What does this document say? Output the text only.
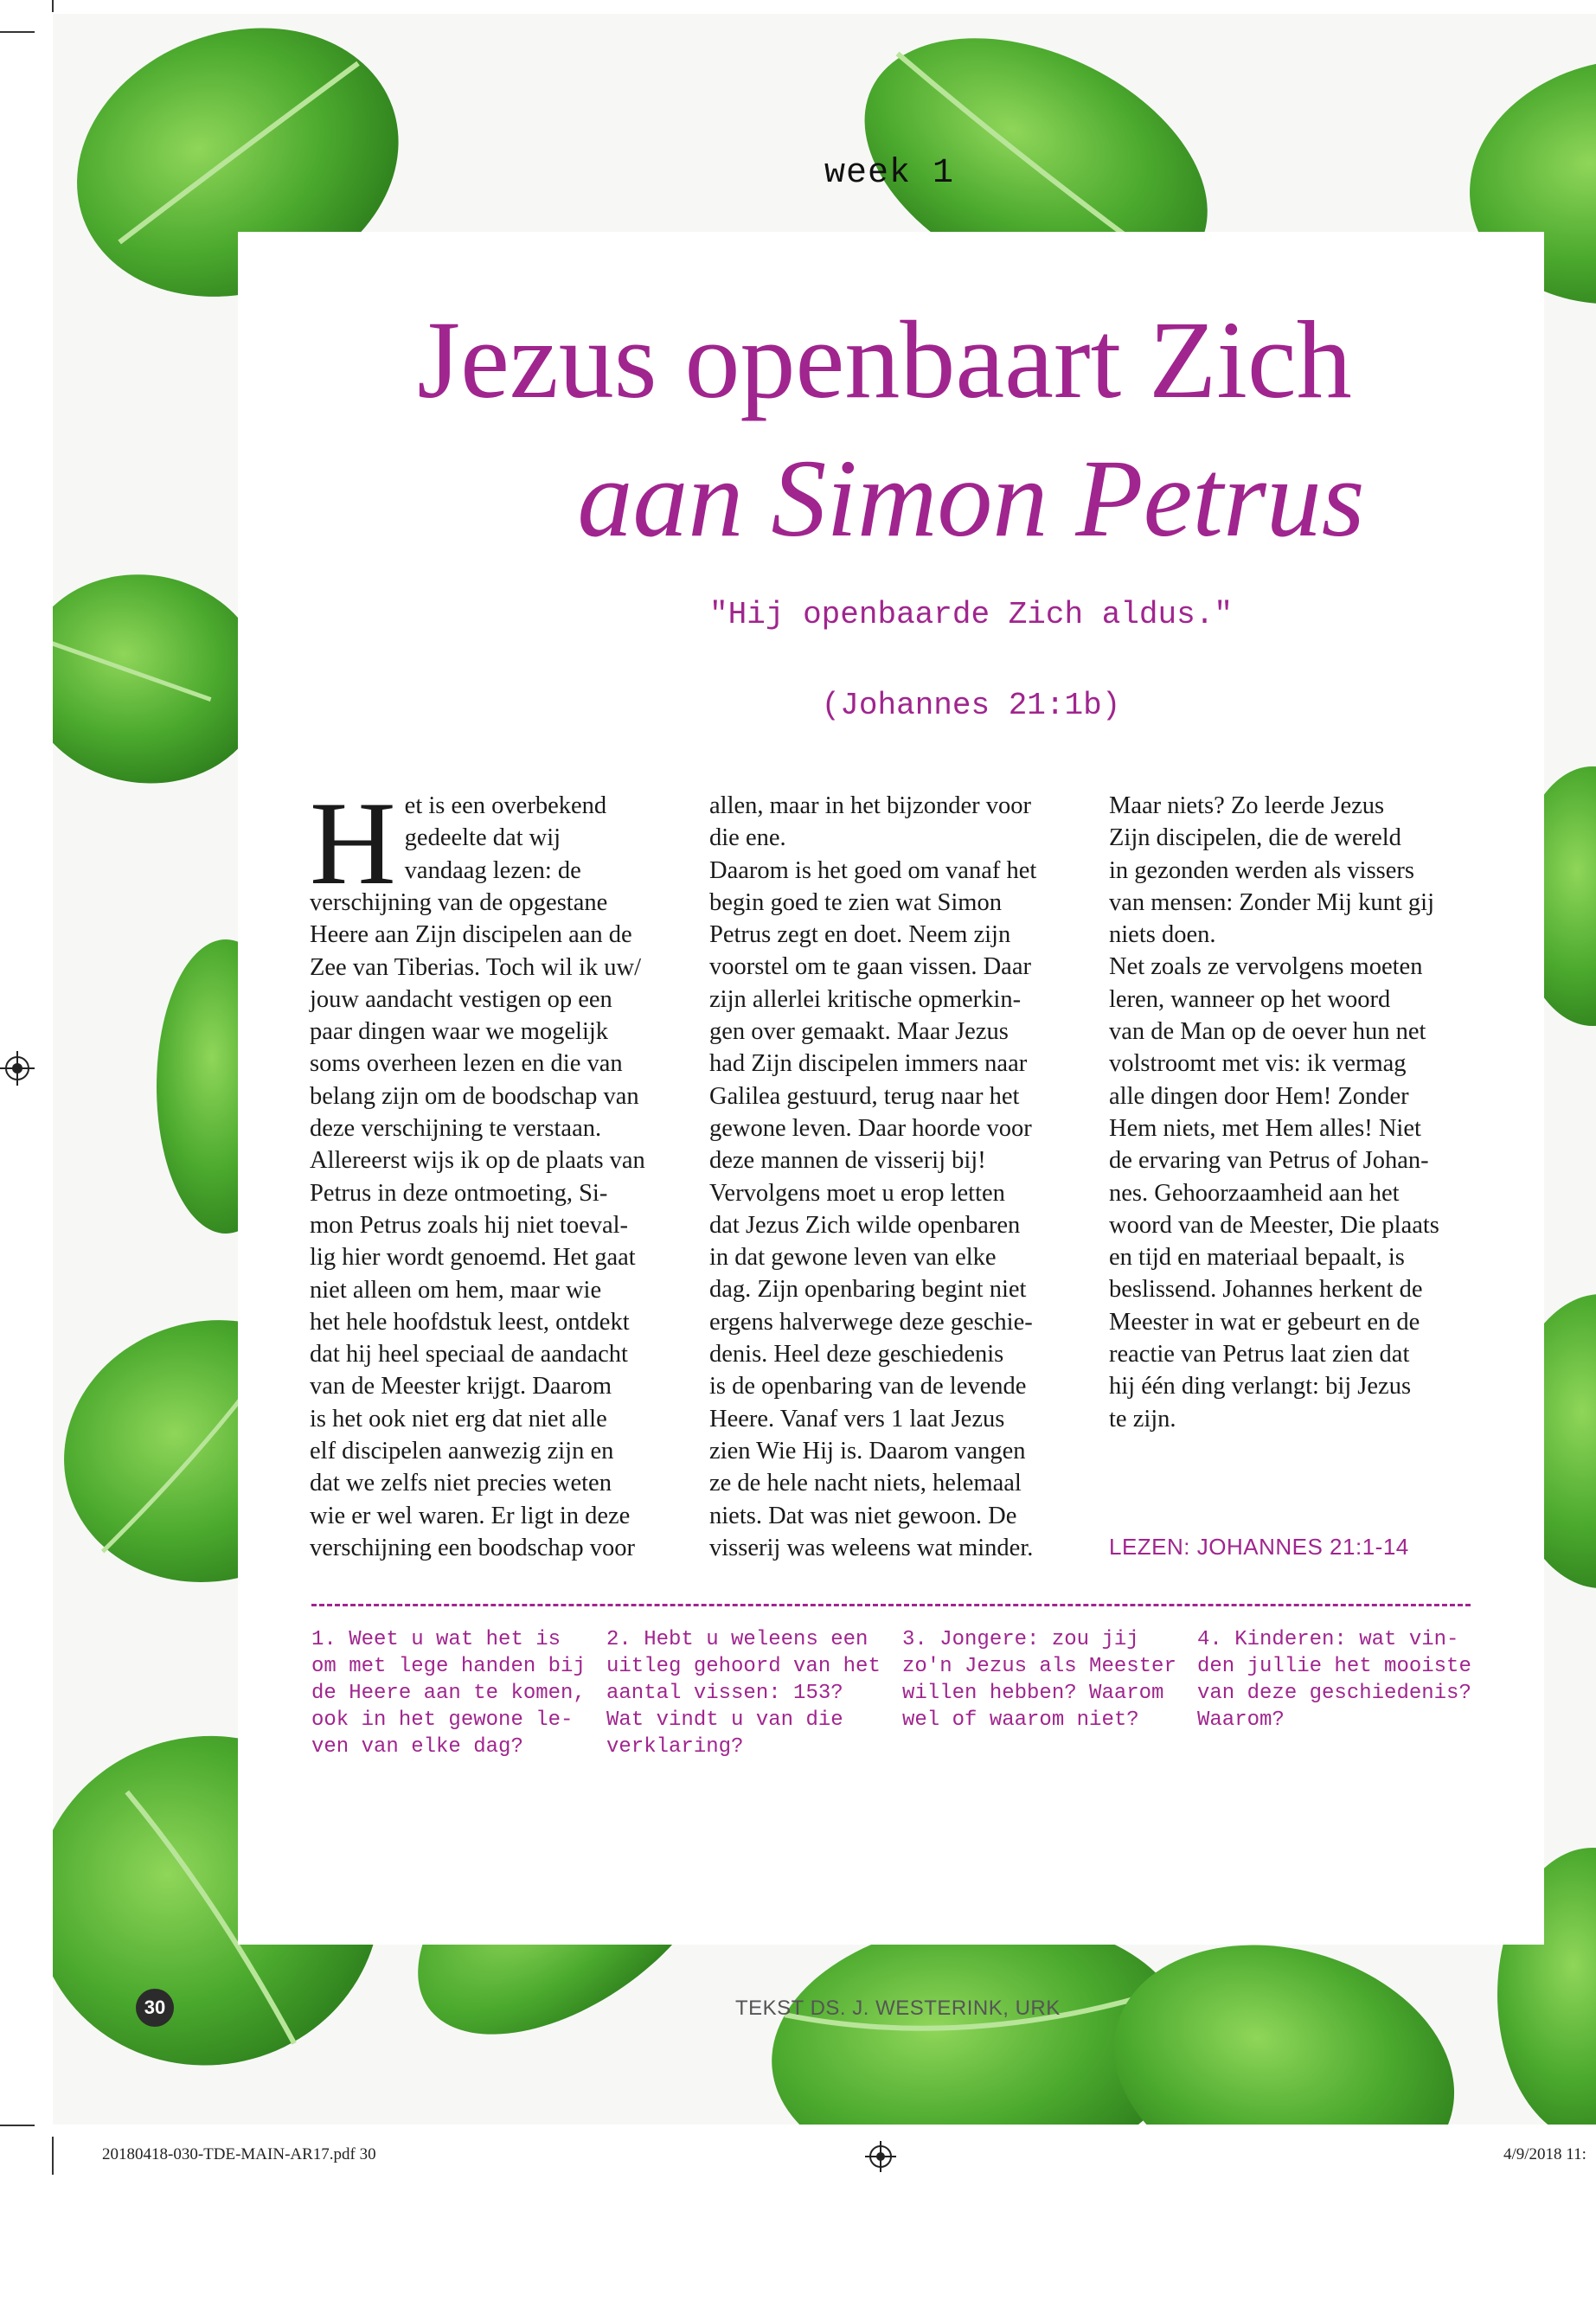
week 1
Jezus openbaart Zich
aan Simon Petrus
"Hij openbaarde Zich aldus."
(Johannes 21:1b)
H et is een overbekend

gedeelte dat wij

vandaag lezen: de

verschijning van de opgestane

Heere aan Zijn discipelen aan de

Zee van Tiberias. Toch wil ik uw/

jouw aandacht vestigen op een

paar dingen waar we mogelijk

soms overheen lezen en die van

belang zijn om de boodschap van

deze verschijning te verstaan.

Allereerst wijs ik op de plaats van

Petrus in deze ontmoeting, Si-

mon Petrus zoals hij niet toeval-

lig hier wordt genoemd. Het gaat

niet alleen om hem, maar wie

het hele hoofdstuk leest, ontdekt

dat hij heel speciaal de aandacht

van de Meester krijgt. Daarom

is het ook niet erg dat niet alle

elf discipelen aanwezig zijn en

dat we zelfs niet precies weten

wie er wel waren. Er ligt in deze

verschijning een boodschap voor

allen, maar in het bijzonder voor

die ene.

Daarom is het goed om vanaf het

begin goed te zien wat Simon

Petrus zegt en doet. Neem zijn

voorstel om te gaan vissen. Daar

zijn allerlei kritische opmerkin-

gen over gemaakt. Maar Jezus

had Zijn discipelen immers naar

Galilea gestuurd, terug naar het

gewone leven. Daar hoorde voor

deze mannen de visserij bij!

Vervolgens moet u erop letten

dat Jezus Zich wilde openbaren

in dat gewone leven van elke

dag. Zijn openbaring begint niet

ergens halverwege deze geschie-

denis. Heel deze geschiedenis

is de openbaring van de levende

Heere. Vanaf vers 1 laat Jezus

zien Wie Hij is. Daarom vangen

ze de hele nacht niets, helemaal

niets. Dat was niet gewoon. De

visserij was weleens wat minder.

Maar niets? Zo leerde Jezus

Zijn discipelen, die de wereld

in gezonden werden als vissers

van mensen: Zonder Mij kunt gij

niets doen.

Net zoals ze vervolgens moeten

leren, wanneer op het woord

van de Man op de oever hun net

volstroomt met vis: ik vermag

alle dingen door Hem! Zonder

Hem niets, met Hem alles! Niet

de ervaring van Petrus of Johan-

nes. Gehoorzaamheid aan het

woord van de Meester, Die plaats

en tijd en materiaal bepaalt, is

beslissend. Johannes herkent de

Meester in wat er gebeurt en de

reactie van Petrus laat zien dat

hij één ding verlangt: bij Jezus

te zijn.

LEZEN: JOHANNES 21:1-14
1. Weet u wat het is
om met lege handen bij
de Heere aan te komen,
ook in het gewone le-
ven van elke dag?
2. Hebt u weleens een
uitleg gehoord van het
aantal vissen: 153?
Wat vindt u van die
verklaring?
3. Jongere: zou jij
zo'n Jezus als Meester
willen hebben? Waarom
wel of waarom niet?
4. Kinderen: wat vin-
den jullie het mooiste
van deze geschiedenis?
Waarom?
30	TEKST DS. J. WESTERINK, URK
20180418-030-TDE-MAIN-AR17.pdf 30	4/9/2018 11:
